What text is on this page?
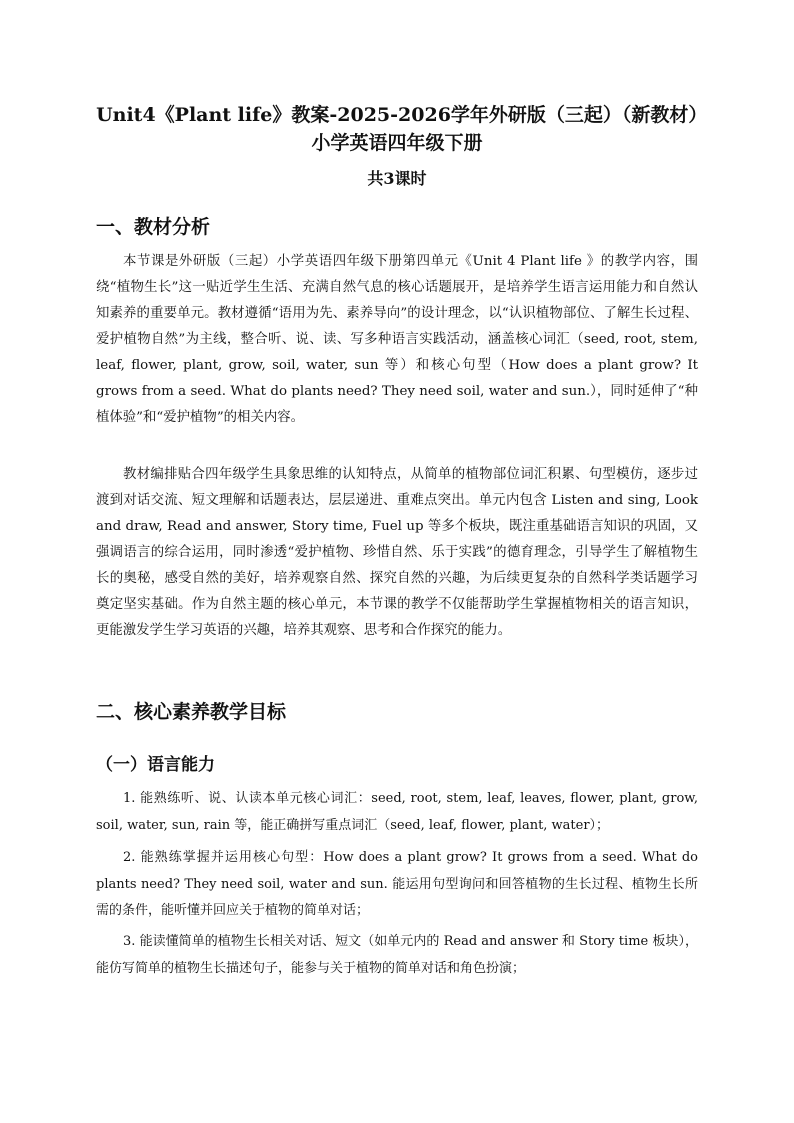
Unit4《Plant life》教案-2025-2026学年外研版（三起）（新教材）小学英语四年级下册
共3课时
一、教材分析

本节课是外研版（三起）小学英语四年级下册第四单元《Unit 4 Plant life 》的教学内容，围绕“植物生长”这一贴近学生生活、充满自然气息的核心话题展开，是培养学生语言运用能力和自然认知素养的重要单元。教材遵循“语用为先、素养导向”的设计理念，以“认识植物部位、了解生长过程、爱护植物自然”为主线，整合听、说、读、写多种语言实践活动，涵盖核心词汇（seed, root, stem, leaf, flower, plant, grow, soil, water, sun 等）和核心句型（How does a plant grow? It grows from a seed. What do plants need? They need soil, water and sun.），同时延伸了“种植体验”和“爱护植物”的相关内容。

教材编排贴合四年级学生具象思维的认知特点，从简单的植物部位词汇积累、句型模仿，逐步过渡到对话交流、短文理解和话题表达，层层递进、重难点突出。单元内包含 Listen and sing, Look and draw, Read and answer, Story time, Fuel up 等多个板块，既注重基础语言知识的巩固，又强调语言的综合运用，同时渗透“爱护植物、珍惜自然、乐于实践”的德育理念，引导学生了解植物生长的奥秘，感受自然的美好，培养观察自然、探究自然的兴趣，为后续更复杂的自然科学类话题学习奠定坚实基础。作为自然主题的核心单元，本节课的教学不仅能帮助学生掌握植物相关的语言知识，更能激发学生学习英语的兴趣，培养其观察、思考和合作探究的能力。

二、核心素养教学目标
（一）语言能力

1. 能熟练听、说、认读本单元核心词汇：seed, root, stem, leaf, leaves, flower, plant, grow, soil, water, sun, rain 等，能正确拼写重点词汇（seed, leaf, flower, plant, water）；

2. 能熟练掌握并运用核心句型：How does a plant grow? It grows from a seed. What do plants need? They need soil, water and sun. 能运用句型询问和回答植物的生长过程、植物生长所需的条件，能听懂并回应关于植物的简单对话；

3. 能读懂简单的植物生长相关对话、短文（如单元内的 Read and answer 和 Story time 板块），能仿写简单的植物生长描述句子，能参与关于植物的简单对话和角色扮演；
